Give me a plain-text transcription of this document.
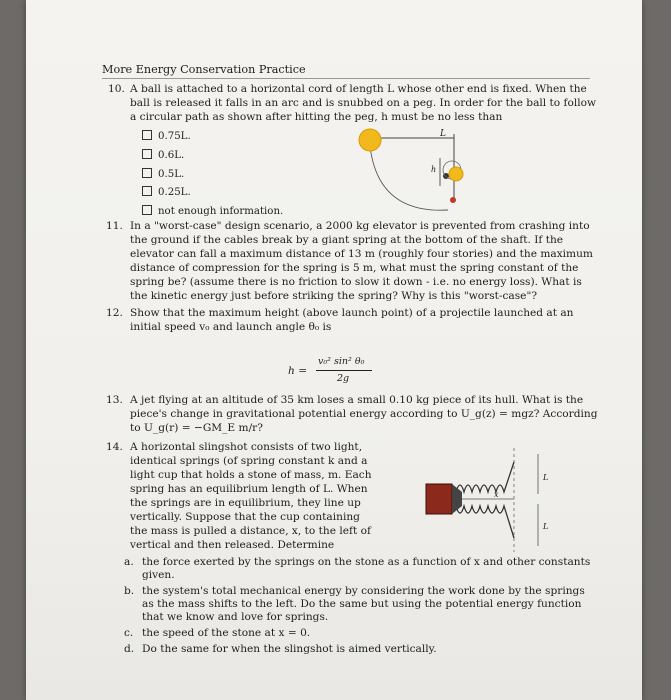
More Energy Conservation Practice
10. A ball is attached to a horizontal cord of length L whose other end is fixed. When the
ball is released it falls in an arc and is snubbed on a peg. In order for the ball to follow
a circular path as shown after hitting the peg, h must be no less than
0.75L.
0.6L.
0.5L.
0.25L.
not enough information.
L
h
11. In a "worst-case" design scenario, a 2000 kg elevator is prevented from crashing into
the ground if the cables break by a giant spring at the bottom of the shaft. If the
elevator can fall a maximum distance of 13 m (roughly four stories) and the maximum
distance of compression for the spring is 5 m, what must the spring constant of the
spring be? (assume there is no friction to slow it down - i.e. no energy loss). What is
the kinetic energy just before striking the spring? Why is this "worst-case"?
12. Show that the maximum height (above launch point) of a projectile launched at an
initial speed v₀ and launch angle θ₀ is
h =
v₀² sin² θ₀
2g
13. A jet flying at an altitude of 35 km loses a small 0.10 kg piece of its hull. What is the
piece's change in gravitational potential energy according to U_g(z) = mgz? According
to U_g(r) = −GM_E m/r?
14. A horizontal slingshot consists of two light,
identical springs (of spring constant k and a
light cup that holds a stone of mass, m. Each
spring has an equilibrium length of L. When
the springs are in equilibrium, they line up
vertically. Suppose that the cup containing
the mass is pulled a distance, x, to the left of
vertical and then released. Determine
L
L
x
a. the force exerted by the springs on the stone as a function of x and other constants
given.
b. the system's total mechanical energy by considering the work done by the springs
as the mass shifts to the left. Do the same but using the potential energy function
that we know and love for springs.
c. the speed of the stone at x = 0.
d. Do the same for when the slingshot is aimed vertically.
